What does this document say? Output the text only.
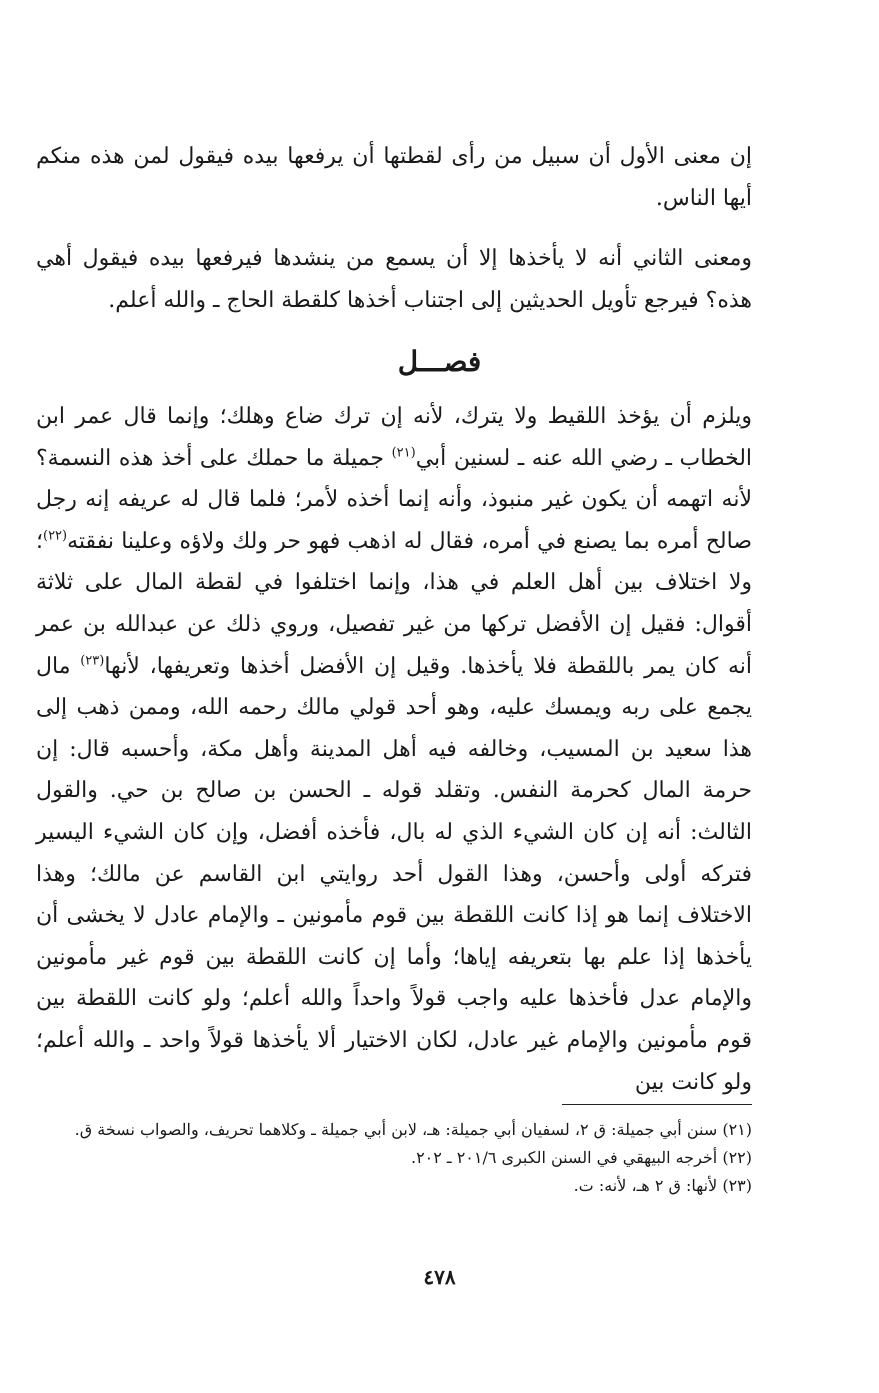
إن معنى الأول أن سبيل من رأى لقطتها أن يرفعها بيده فيقول لمن هذه منكم أيها الناس.

ومعنى الثاني أنه لا يأخذها إلا أن يسمع من ينشدها فيرفعها بيده فيقول أهي هذه؟ فيرجع تأويل الحديثين إلى اجتناب أخذها كلقطة الحاج ـ والله أعلم.

فصـــل

ويلزم أن يؤخذ اللقيط ولا يترك، لأنه إن ترك ضاع وهلك؛ وإنما قال عمر ابن الخطاب ـ رضي الله عنه ـ لسنين أبي$^{(٢١)}$ جميلة ما حملك على أخذ هذه النسمة؟ لأنه اتهمه أن يكون غير منبوذ، وأنه إنما أخذه لأمر؛ فلما قال له عريفه إنه رجل صالح أمره بما يصنع في أمره، فقال له اذهب فهو حر ولك ولاؤه وعلينا نفقته$^{(٢٢)}$؛ ولا اختلاف بين أهل العلم في هذا، وإنما اختلفوا في لقطة المال على ثلاثة أقوال: فقيل إن الأفضل تركها من غير تفصيل، وروي ذلك عن عبدالله بن عمر أنه كان يمر باللقطة فلا يأخذها. وقيل إن الأفضل أخذها وتعريفها، لأنها$^{(٢٣)}$ مال يجمع على ربه ويمسك عليه، وهو أحد قولي مالك رحمه الله، وممن ذهب إلى هذا سعيد بن المسيب، وخالفه فيه أهل المدينة وأهل مكة، وأحسبه قال: إن حرمة المال كحرمة النفس. وتقلد قوله ـ الحسن بن صالح بن حي. والقول الثالث: أنه إن كان الشيء الذي له بال، فأخذه أفضل، وإن كان الشيء اليسير فتركه أولى وأحسن، وهذا القول أحد روايتي ابن القاسم عن مالك؛ وهذا الاختلاف إنما هو إذا كانت اللقطة بين قوم مأمونين ـ والإمام عادل لا يخشى أن يأخذها إذا علم بها بتعريفه إياها؛ وأما إن كانت اللقطة بين قوم غير مأمونين والإمام عدل فأخذها عليه واجب قولاً واحداً والله أعلم؛ ولو كانت اللقطة بين قوم مأمونين والإمام غير عادل، لكان الاختيار ألا يأخذها قولاً واحد ـ والله أعلم؛ ولو كانت بين

(٢١) سنن أبي جميلة: ق ٢، لسفيان أبي جميلة: هـ، لابن أبي جميلة ـ وكلاهما تحريف، والصواب نسخة ق.

(٢٢) أخرجه البيهقي في السنن الكبرى ٢٠١/٦ ـ ٢٠٢.

(٢٣) لأنها: ق ٢ هـ، لأنه: ت.

٤٧٨
